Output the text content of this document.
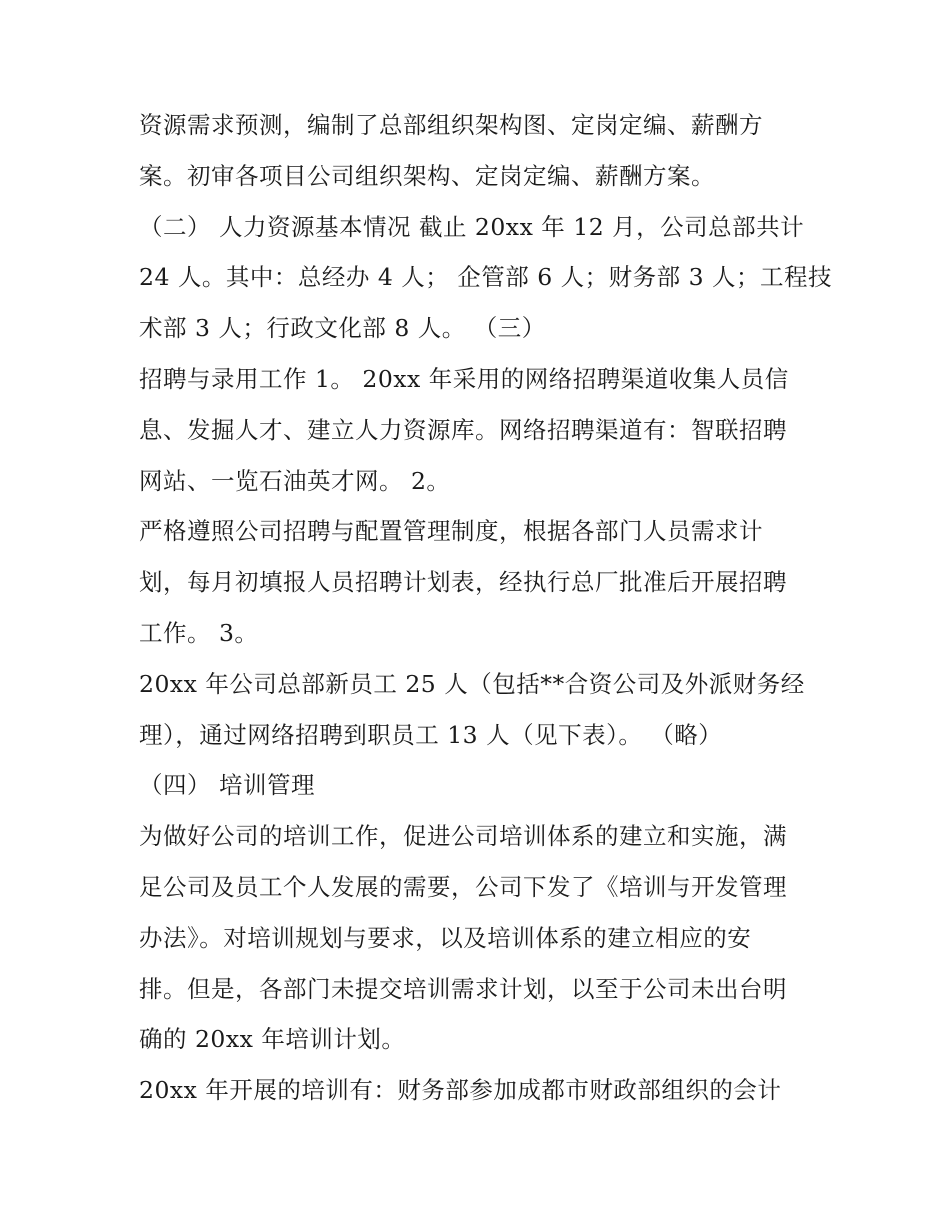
资源需求预测，编制了总部组织架构图、定岗定编、薪酬方
案。初审各项目公司组织架构、定岗定编、薪酬方案。
（二） 人力资源基本情况 截止 20xx 年 12 月，公司总部共计
24 人。其中：总经办 4 人； 企管部 6 人；财务部 3 人；工程技
术部 3 人；行政文化部 8 人。 （三）
招聘与录用工作 1。 20xx 年采用的网络招聘渠道收集人员信
息、发掘人才、建立人力资源库。网络招聘渠道有：智联招聘
网站、一览石油英才网。 2。
严格遵照公司招聘与配置管理制度，根据各部门人员需求计
划，每月初填报人员招聘计划表，经执行总厂批准后开展招聘
工作。 3。
20xx 年公司总部新员工 25 人（包括**合资公司及外派财务经
理），通过网络招聘到职员工 13 人（见下表）。 （略）
（四） 培训管理
为做好公司的培训工作，促进公司培训体系的建立和实施，满
足公司及员工个人发展的需要，公司下发了《培训与开发管理
办法》。对培训规划与要求，以及培训体系的建立相应的安
排。但是，各部门未提交培训需求计划，以至于公司未出台明
确的 20xx 年培训计划。
20xx 年开展的培训有：财务部参加成都市财政部组织的会计
